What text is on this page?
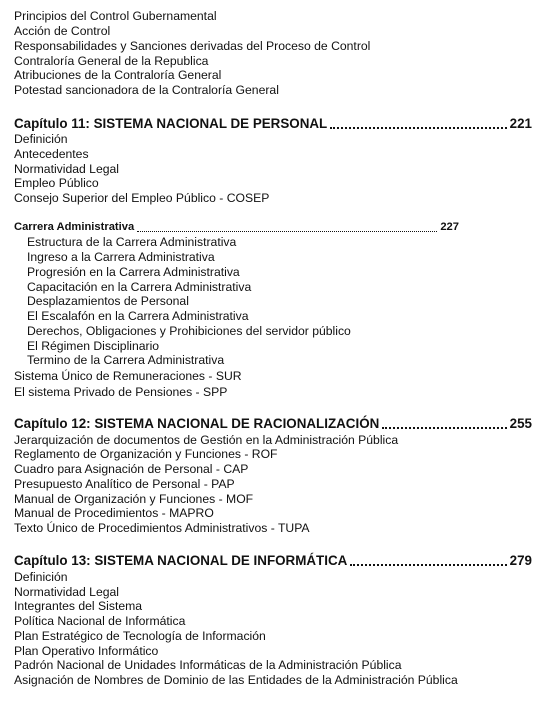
Principios del Control Gubernamental
Acción de Control
Responsabilidades y Sanciones derivadas del Proceso de Control
Contraloría General de la Republica
Atribuciones de la Contraloría General
Potestad sancionadora de la Contraloría General
Capítulo 11: SISTEMA NACIONAL DE PERSONAL	221
Definición
Antecedentes
Normatividad Legal
Empleo Público
Consejo Superior del Empleo Público - COSEP
Carrera Administrativa	227
Estructura de la Carrera Administrativa
Ingreso a la Carrera Administrativa
Progresión en la Carrera Administrativa
Capacitación en la Carrera Administrativa
Desplazamientos de Personal
El Escalafón en la Carrera Administrativa
Derechos, Obligaciones y Prohibiciones del servidor público
El Régimen Disciplinario
Termino de la Carrera Administrativa
Sistema Único de Remuneraciones - SUR
El sistema Privado de Pensiones - SPP
Capítulo 12: SISTEMA NACIONAL DE RACIONALIZACIÓN	255
Jerarquización de documentos de Gestión en la Administración Pública
Reglamento de Organización y Funciones - ROF
Cuadro para Asignación de Personal - CAP
Presupuesto Analítico de Personal - PAP
Manual de Organización y Funciones - MOF
Manual de Procedimientos - MAPRO
Texto Único de Procedimientos Administrativos - TUPA
Capítulo 13: SISTEMA NACIONAL DE INFORMÁTICA	279
Definición
Normatividad Legal
Integrantes del Sistema
Política Nacional de Informática
Plan Estratégico de Tecnología de Información
Plan Operativo Informático
Padrón Nacional de Unidades Informáticas de la Administración Pública
Asignación de Nombres de Dominio de las Entidades de la Administración Pública
